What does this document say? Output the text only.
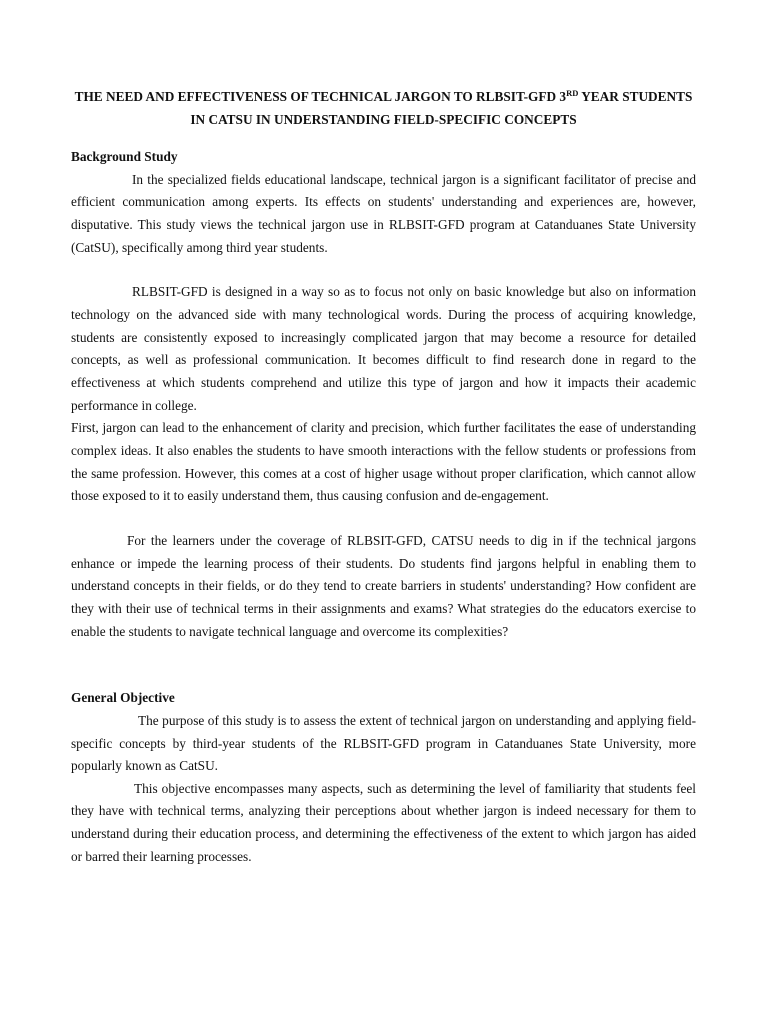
THE NEED AND EFFECTIVENESS OF TECHNICAL JARGON TO RLBSIT-GFD 3RD YEAR STUDENTS IN CATSU IN UNDERSTANDING FIELD-SPECIFIC CONCEPTS
Background Study

In the specialized fields educational landscape, technical jargon is a significant facilitator of precise and efficient communication among experts. Its effects on students' understanding and experiences are, however, disputative. This study views the technical jargon use in RLBSIT-GFD program at Catanduanes State University (CatSU), specifically among third year students.

RLBSIT-GFD is designed in a way so as to focus not only on basic knowledge but also on information technology on the advanced side with many technological words. During the process of acquiring knowledge, students are consistently exposed to increasingly complicated jargon that may become a resource for detailed concepts, as well as professional communication. It becomes difficult to find research done in regard to the effectiveness at which students comprehend and utilize this type of jargon and how it impacts their academic performance in college.

First, jargon can lead to the enhancement of clarity and precision, which further facilitates the ease of understanding complex ideas. It also enables the students to have smooth interactions with the fellow students or professions from the same profession. However, this comes at a cost of higher usage without proper clarification, which cannot allow those exposed to it to easily understand them, thus causing confusion and de-engagement.

For the learners under the coverage of RLBSIT-GFD, CATSU needs to dig in if the technical jargons enhance or impede the learning process of their students. Do students find jargons helpful in enabling them to understand concepts in their fields, or do they tend to create barriers in students' understanding? How confident are they with their use of technical terms in their assignments and exams? What strategies do the educators exercise to enable the students to navigate technical language and overcome its complexities?

General Objective

The purpose of this study is to assess the extent of technical jargon on understanding and applying field-specific concepts by third-year students of the RLBSIT-GFD program in Catanduanes State University, more popularly known as CatSU.

This objective encompasses many aspects, such as determining the level of familiarity that students feel they have with technical terms, analyzing their perceptions about whether jargon is indeed necessary for them to understand during their education process, and determining the effectiveness of the extent to which jargon has aided or barred their learning processes.
